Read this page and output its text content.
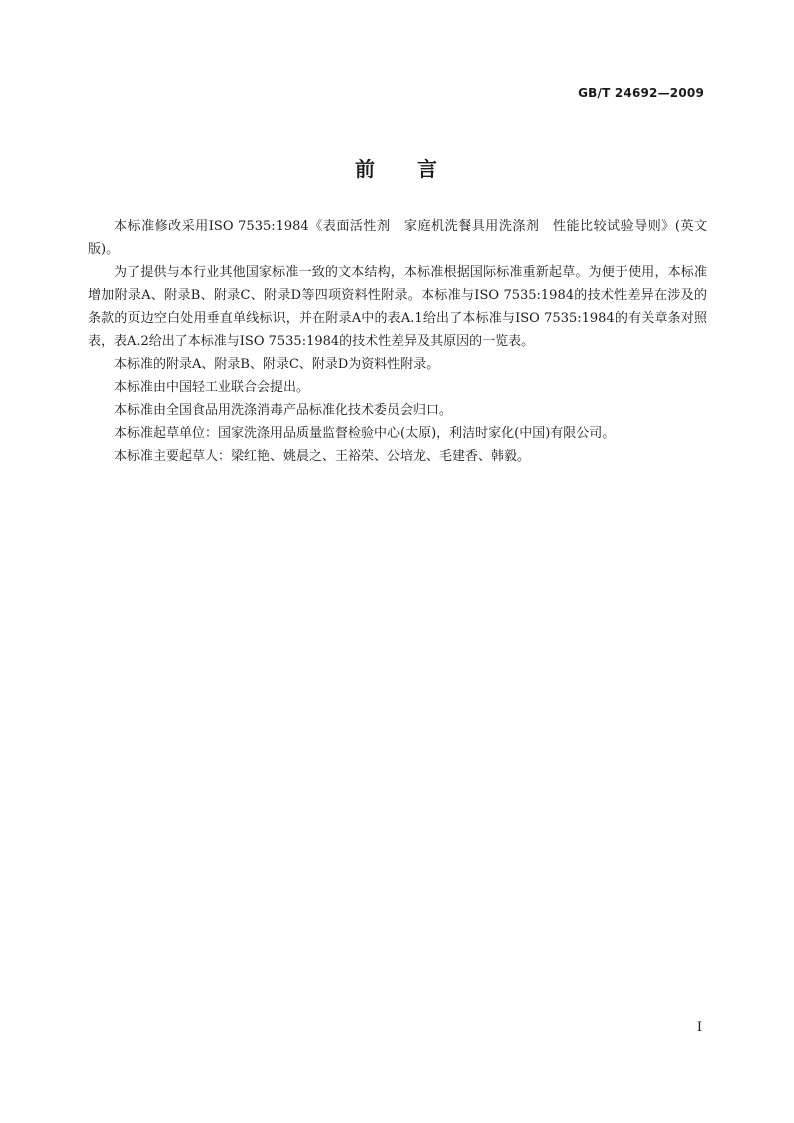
GB/T 24692—2009
前 言

本标准修改采用ISO 7535:1984《表面活性剂　家庭机洗餐具用洗涤剂　性能比较试验导则》(英文版)。

为了提供与本行业其他国家标准一致的文本结构，本标准根据国际标准重新起草。为便于使用，本标准增加附录A、附录B、附录C、附录D等四项资料性附录。本标准与ISO 7535:1984的技术性差异在涉及的条款的页边空白处用垂直单线标识，并在附录A中的表A.1给出了本标准与ISO 7535:1984的有关章条对照表，表A.2给出了本标准与ISO 7535:1984的技术性差异及其原因的一览表。

本标准的附录A、附录B、附录C、附录D为资料性附录。

本标准由中国轻工业联合会提出。

本标准由全国食品用洗涤消毒产品标准化技术委员会归口。

本标准起草单位：国家洗涤用品质量监督检验中心(太原)，利洁时家化(中国)有限公司。

本标准主要起草人：梁红艳、姚晨之、王裕荣、公培龙、毛建香、韩毅。

I
